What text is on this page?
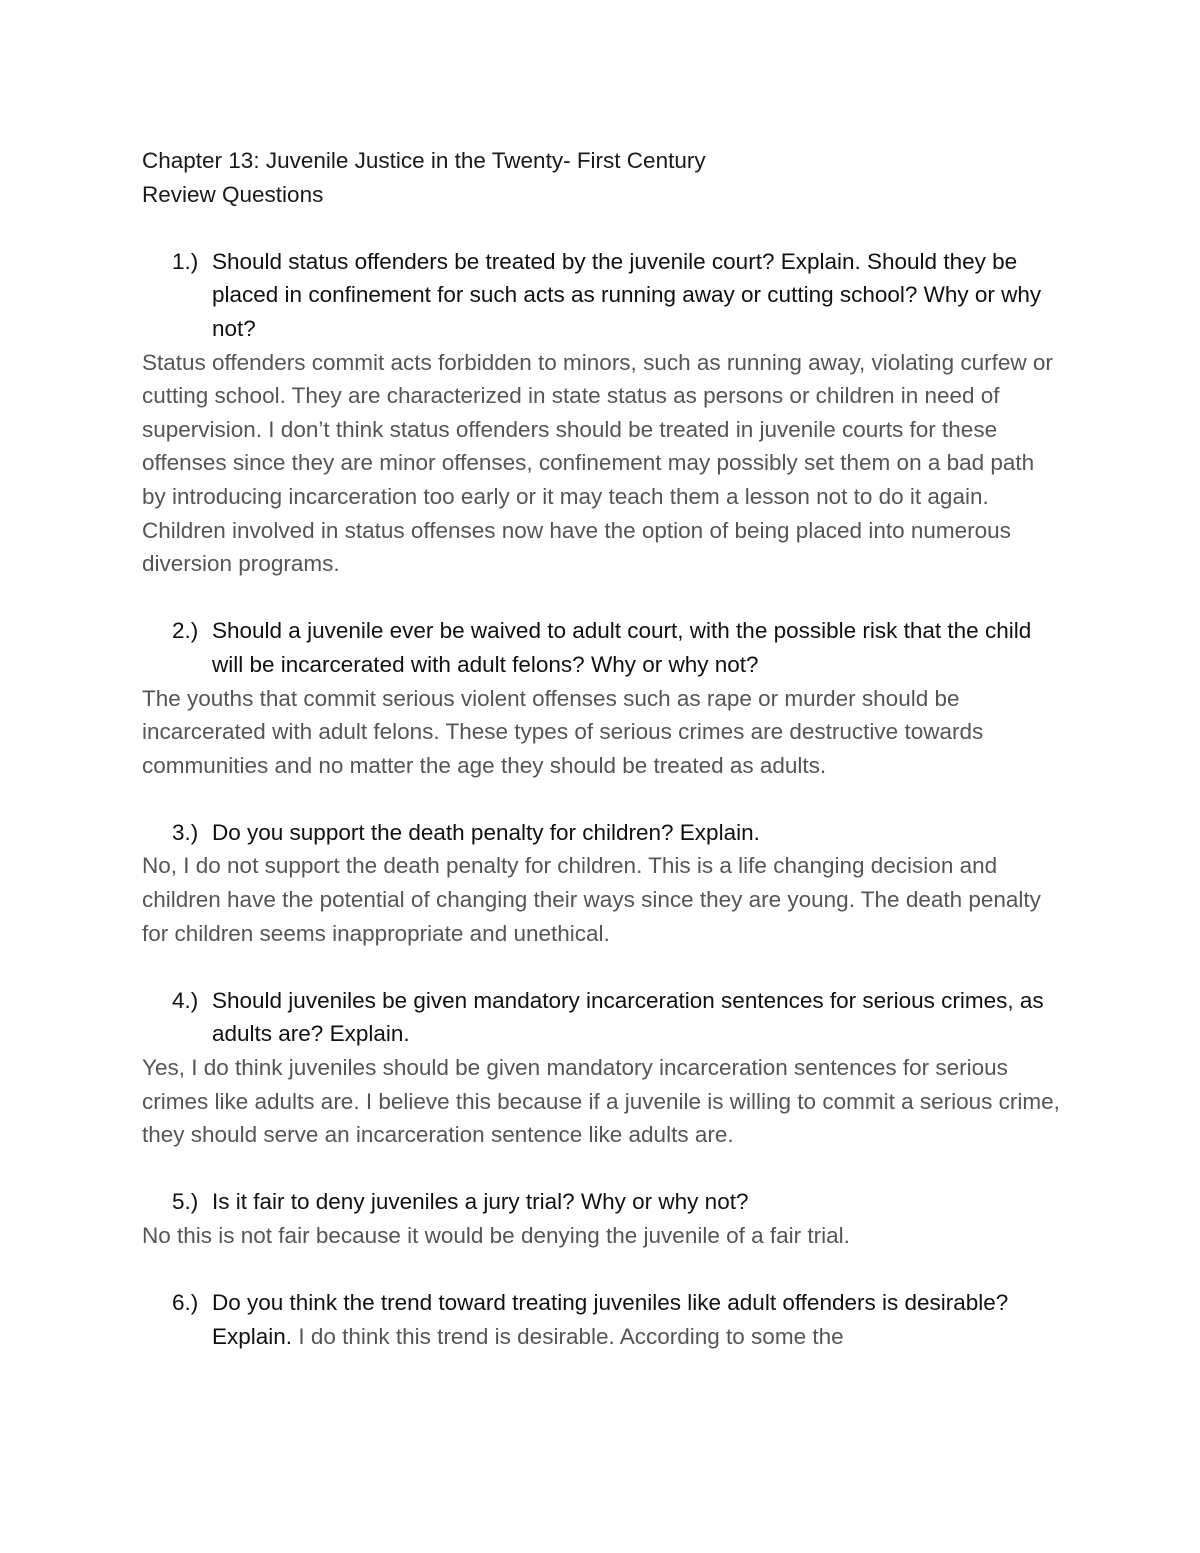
Chapter 13: Juvenile Justice in the Twenty- First Century
Review Questions
1.) Should status offenders be treated by the juvenile court? Explain. Should they be placed in confinement for such acts as running away or cutting school? Why or why not?
Status offenders commit acts forbidden to minors, such as running away, violating curfew or cutting school. They are characterized in state status as persons or children in need of supervision. I don’t think status offenders should be treated in juvenile courts for these offenses since they are minor offenses, confinement may possibly set them on a bad path by introducing incarceration too early or it may teach them a lesson not to do it again. Children involved in status offenses now have the option of being placed into numerous diversion programs.
2.) Should a juvenile ever be waived to adult court, with the possible risk that the child will be incarcerated with adult felons? Why or why not?
The youths that commit serious violent offenses such as rape or murder should be incarcerated with adult felons. These types of serious crimes are destructive towards communities and no matter the age they should be treated as adults.
3.) Do you support the death penalty for children? Explain.
No, I do not support the death penalty for children. This is a life changing decision and children have the potential of changing their ways since they are young. The death penalty for children seems inappropriate and unethical.
4.) Should juveniles be given mandatory incarceration sentences for serious crimes, as adults are? Explain.
Yes, I do think juveniles should be given mandatory incarceration sentences for serious crimes like adults are. I believe this because if a juvenile is willing to commit a serious crime, they should serve an incarceration sentence like adults are.
5.) Is it fair to deny juveniles a jury trial? Why or why not?
No this is not fair because it would be denying the juvenile of a fair trial.
6.) Do you think the trend toward treating juveniles like adult offenders is desirable? Explain. I do think this trend is desirable. According to some the
